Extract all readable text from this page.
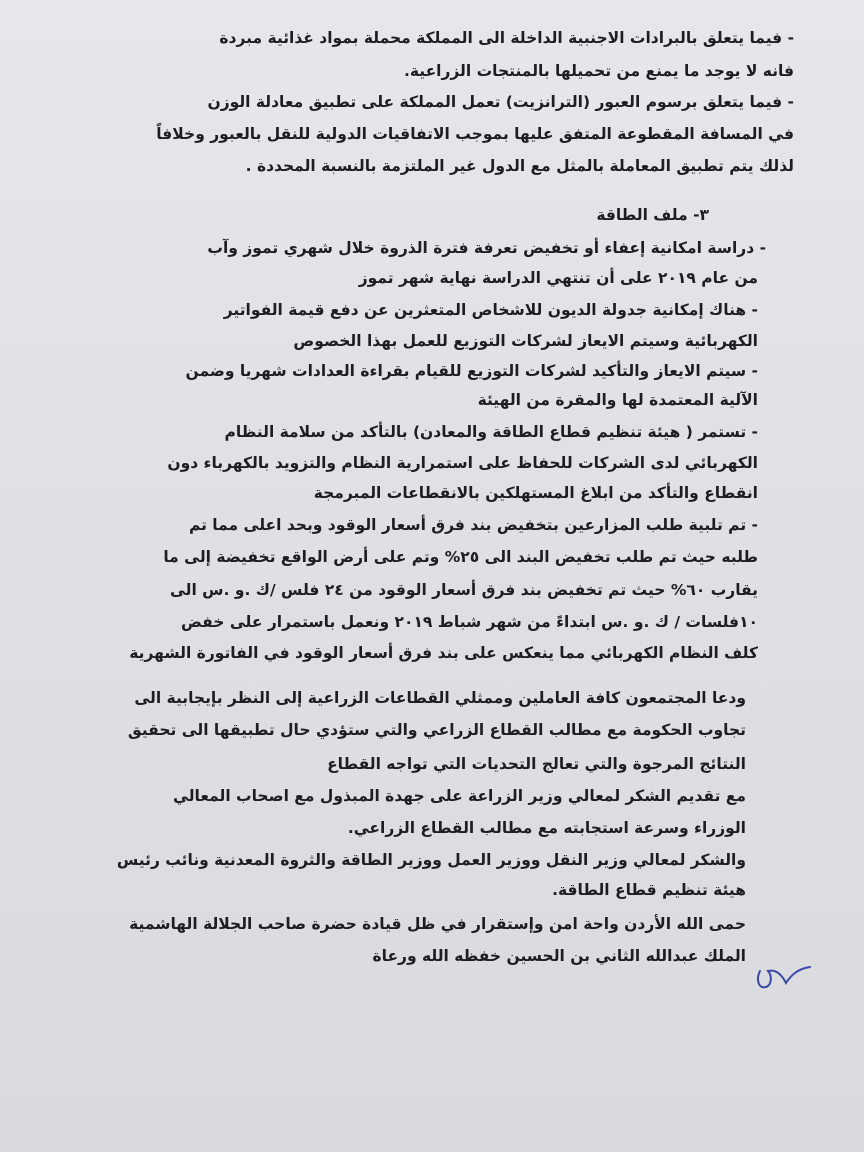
- فيما يتعلق بالبرادات الاجنبية الداخلة الى المملكة محملة بمواد غذائية مبردة
فانه لا يوجد ما يمنع من تحميلها بالمنتجات الزراعية.
- فيما يتعلق برسوم العبور (الترانزيت) تعمل المملكة على تطبيق معادلة الوزن
في المسافة المقطوعة المتفق عليها بموجب الاتفاقيات الدولية للنقل بالعبور وخلافاً
لذلك يتم تطبيق المعاملة بالمثل مع الدول غير الملتزمة بالنسبة المحددة .
٣- ملف الطاقة
- دراسة امكانية إعفاء أو تخفيض تعرفة فترة الذروة خلال شهري تموز وآب
من عام ٢٠١٩ على أن تنتهي الدراسة نهاية شهر تموز
- هناك إمكانية جدولة الديون للاشخاص المتعثرين عن دفع قيمة الفواتير
الكهربائية وسيتم الايعاز لشركات التوزيع للعمل بهذا الخصوص
- سيتم الايعاز والتأكيد لشركات التوزيع للقيام بقراءة العدادات شهريا وضمن
الآلية المعتمدة لها والمقرة من الهيئة
- تستمر ( هيئة تنظيم قطاع الطاقة والمعادن) بالتأكد من سلامة النظام
الكهربائي لدى الشركات للحفاظ على استمرارية النظام والتزويد بالكهرباء دون
انقطاع والتأكد من ابلاغ المستهلكين بالانقطاعات المبرمجة
- تم تلبية طلب المزارعين بتخفيض بند فرق أسعار الوقود وبحد اعلى مما تم
طلبه حيث تم طلب تخفيض البند الى ٢٥% وتم على أرض الواقع تخفيضة إلى ما
يقارب ٦٠% حيث تم تخفيض بند فرق أسعار الوقود من ٢٤ فلس /ك .و .س الى
١٠فلسات / ك .و .س ابتداءً من شهر شباط ٢٠١٩ ونعمل باستمرار على خفض
كلف النظام الكهربائي مما ينعكس على بند فرق أسعار الوقود في الفاتورة الشهرية
ودعا المجتمعون كافة العاملين وممثلي القطاعات الزراعية إلى النظر بإيجابية الى
تجاوب الحكومة مع مطالب القطاع الزراعي والتي ستؤدي حال تطبيقها الى تحقيق
النتائج المرجوة والتي تعالج التحديات التي تواجه القطاع
مع تقديم الشكر لمعالي وزير الزراعة على جهدة المبذول مع اصحاب المعالي
الوزراء وسرعة استجابته مع مطالب القطاع الزراعي.
والشكر لمعالي وزير النقل ووزير العمل ووزير الطاقة والثروة المعدنية ونائب رئيس
هيئة تنظيم قطاع الطاقة.
حمى الله الأردن واحة امن وإستقرار في ظل قيادة حضرة صاحب الجلالة الهاشمية
الملك عبدالله الثاني بن الحسين خفظه الله ورعاة
